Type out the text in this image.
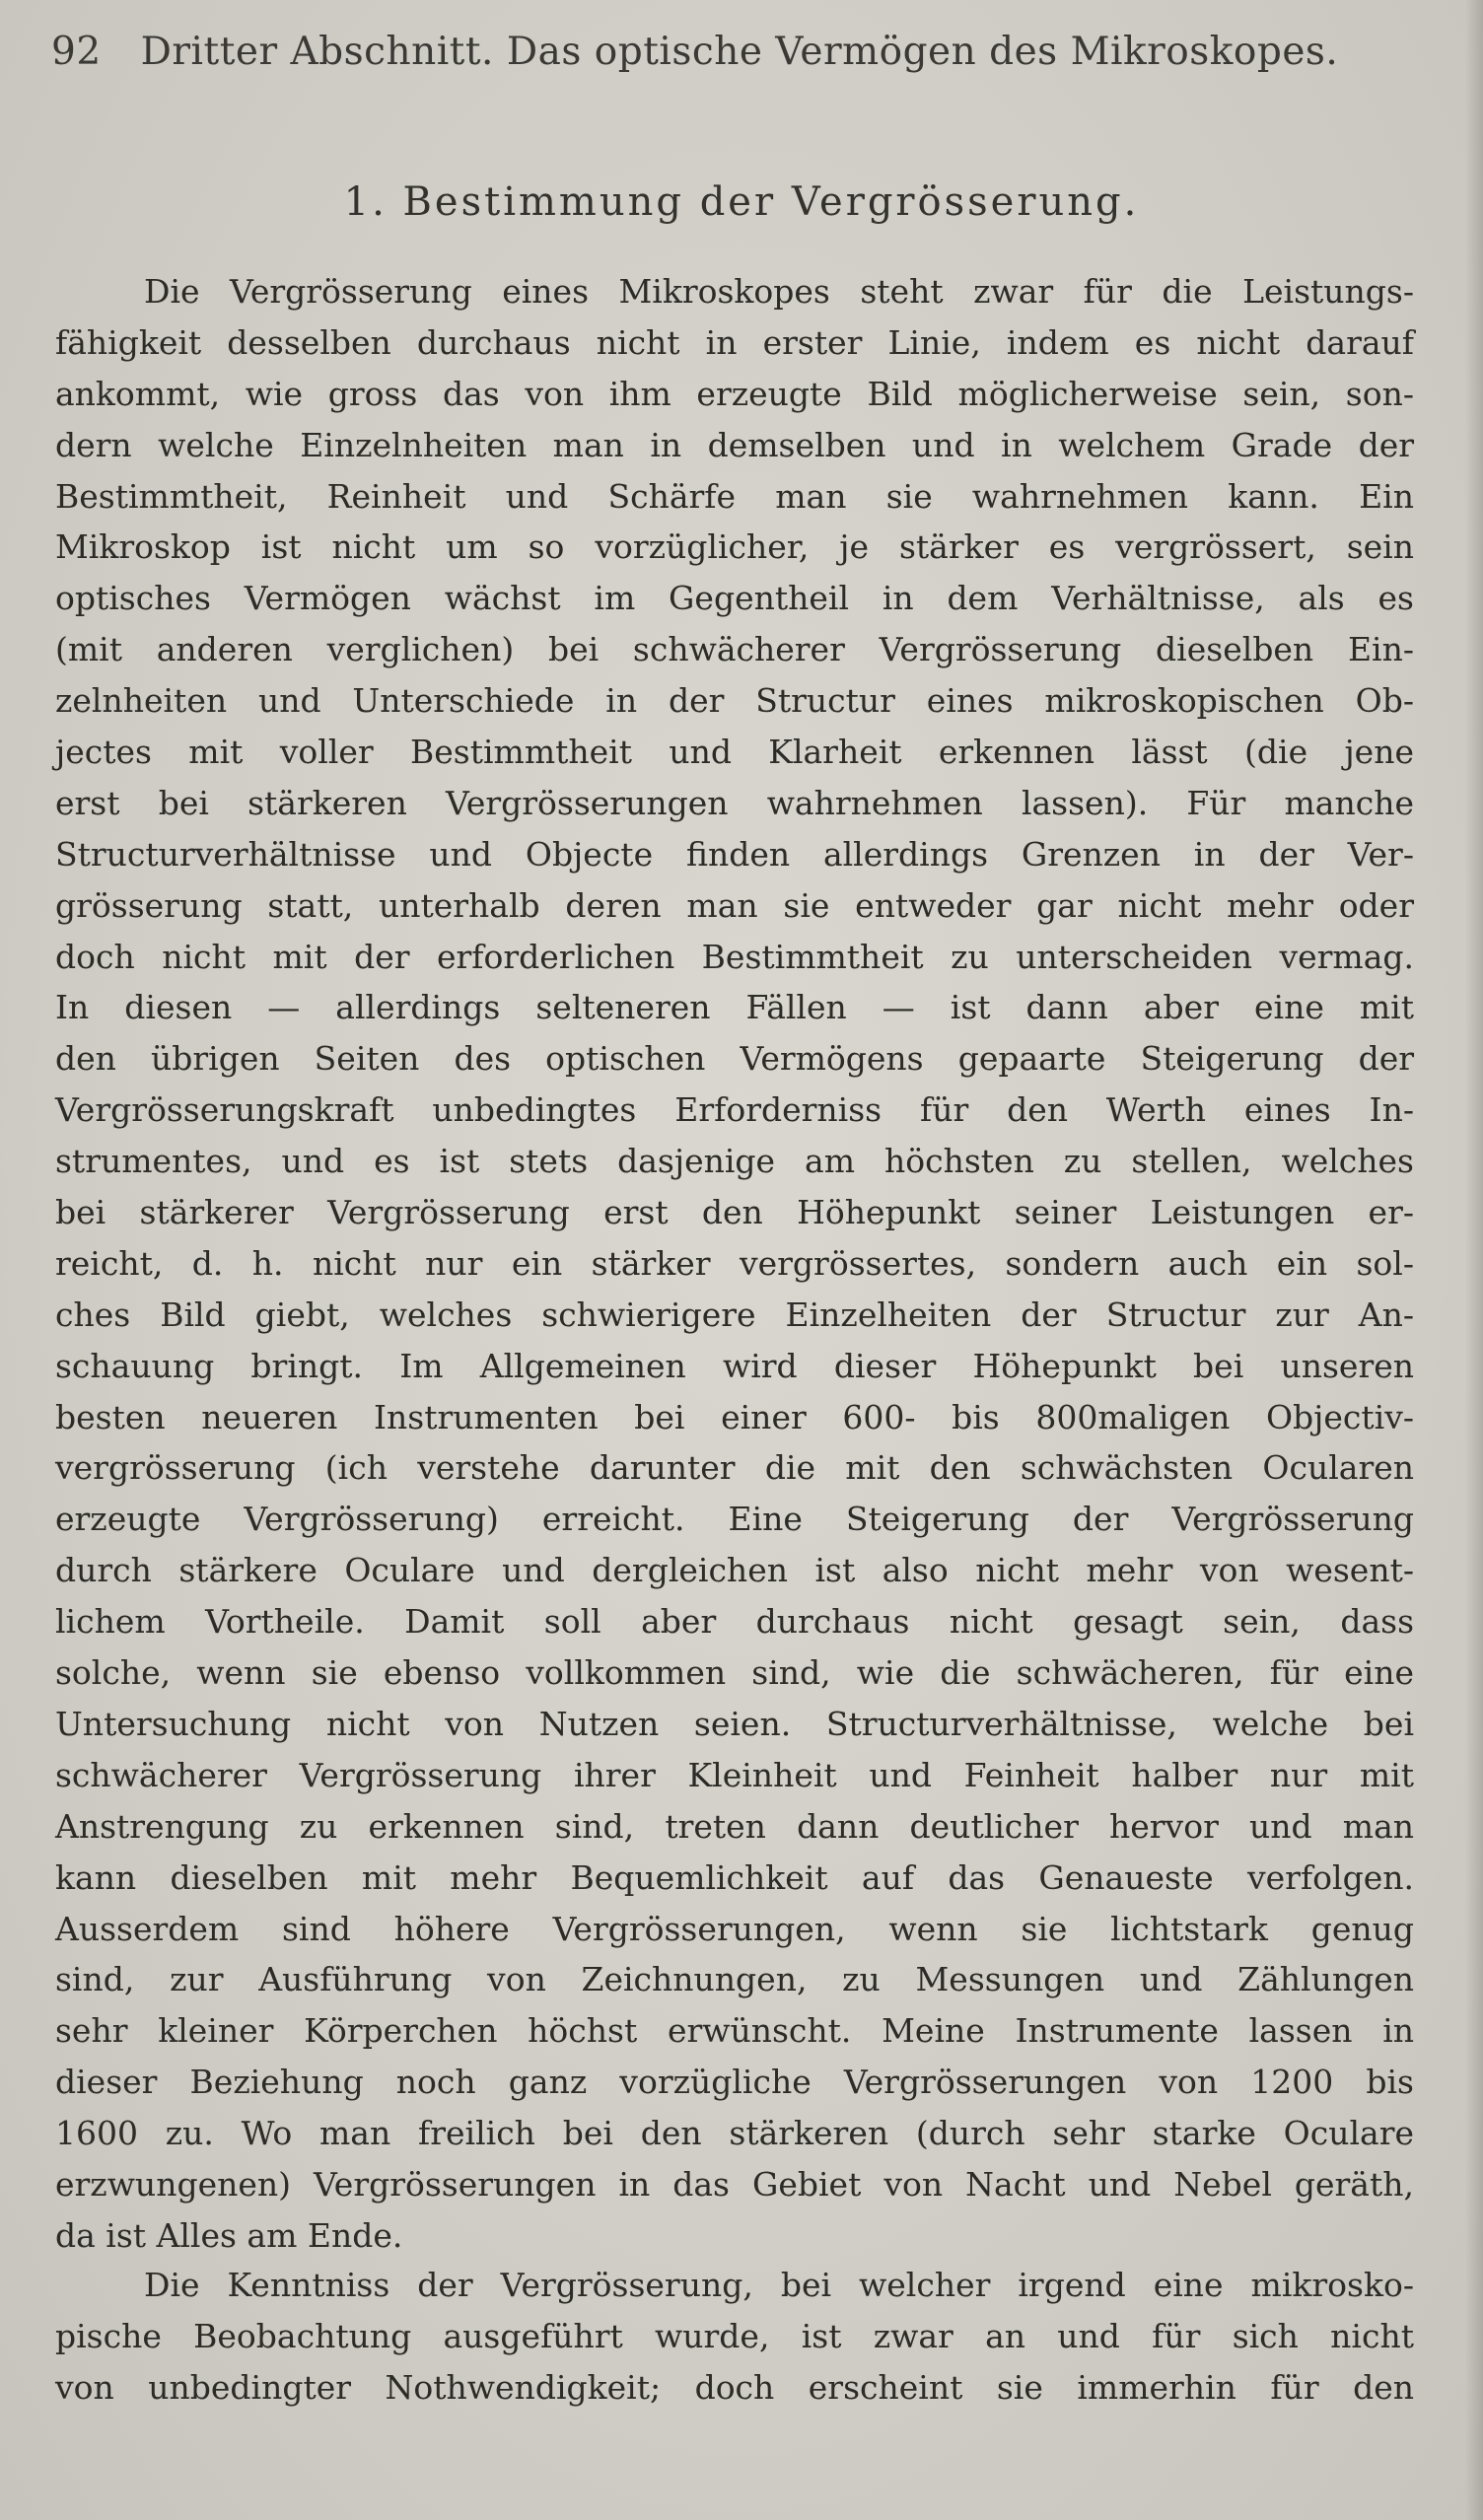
92 Dritter Abschnitt. Das optische Vermögen des Mikroskopes.
1. Bestimmung der Vergrösserung.
Die Vergrösserung eines Mikroskopes steht zwar für die Leistungs-
fähigkeit desselben durchaus nicht in erster Linie, indem es nicht darauf
ankommt, wie gross das von ihm erzeugte Bild möglicherweise sein, son-
dern welche Einzelnheiten man in demselben und in welchem Grade der
Bestimmtheit, Reinheit und Schärfe man sie wahrnehmen kann. Ein
Mikroskop ist nicht um so vorzüglicher, je stärker es vergrössert, sein
optisches Vermögen wächst im Gegentheil in dem Verhältnisse, als es
(mit anderen verglichen) bei schwächerer Vergrösserung dieselben Ein-
zelnheiten und Unterschiede in der Structur eines mikroskopischen Ob-
jectes mit voller Bestimmtheit und Klarheit erkennen lässt (die jene
erst bei stärkeren Vergrösserungen wahrnehmen lassen). Für manche
Structurverhältnisse und Objecte finden allerdings Grenzen in der Ver-
grösserung statt, unterhalb deren man sie entweder gar nicht mehr oder
doch nicht mit der erforderlichen Bestimmtheit zu unterscheiden vermag.
In diesen — allerdings selteneren Fällen — ist dann aber eine mit
den übrigen Seiten des optischen Vermögens gepaarte Steigerung der
Vergrösserungskraft unbedingtes Erforderniss für den Werth eines In-
strumentes, und es ist stets dasjenige am höchsten zu stellen, welches
bei stärkerer Vergrösserung erst den Höhepunkt seiner Leistungen er-
reicht, d. h. nicht nur ein stärker vergrössertes, sondern auch ein sol-
ches Bild giebt, welches schwierigere Einzelheiten der Structur zur An-
schauung bringt. Im Allgemeinen wird dieser Höhepunkt bei unseren
besten neueren Instrumenten bei einer 600- bis 800maligen Objectiv-
vergrösserung (ich verstehe darunter die mit den schwächsten Ocularen
erzeugte Vergrösserung) erreicht. Eine Steigerung der Vergrösserung
durch stärkere Oculare und dergleichen ist also nicht mehr von wesent-
lichem Vortheile. Damit soll aber durchaus nicht gesagt sein, dass
solche, wenn sie ebenso vollkommen sind, wie die schwächeren, für eine
Untersuchung nicht von Nutzen seien. Structurverhältnisse, welche bei
schwächerer Vergrösserung ihrer Kleinheit und Feinheit halber nur mit
Anstrengung zu erkennen sind, treten dann deutlicher hervor und man
kann dieselben mit mehr Bequemlichkeit auf das Genaueste verfolgen.
Ausserdem sind höhere Vergrösserungen, wenn sie lichtstark genug
sind, zur Ausführung von Zeichnungen, zu Messungen und Zählungen
sehr kleiner Körperchen höchst erwünscht. Meine Instrumente lassen in
dieser Beziehung noch ganz vorzügliche Vergrösserungen von 1200 bis
1600 zu. Wo man freilich bei den stärkeren (durch sehr starke Oculare
erzwungenen) Vergrösserungen in das Gebiet von Nacht und Nebel geräth,
da ist Alles am Ende.
Die Kenntniss der Vergrösserung, bei welcher irgend eine mikrosko-
pische Beobachtung ausgeführt wurde, ist zwar an und für sich nicht
von unbedingter Nothwendigkeit; doch erscheint sie immerhin für den
